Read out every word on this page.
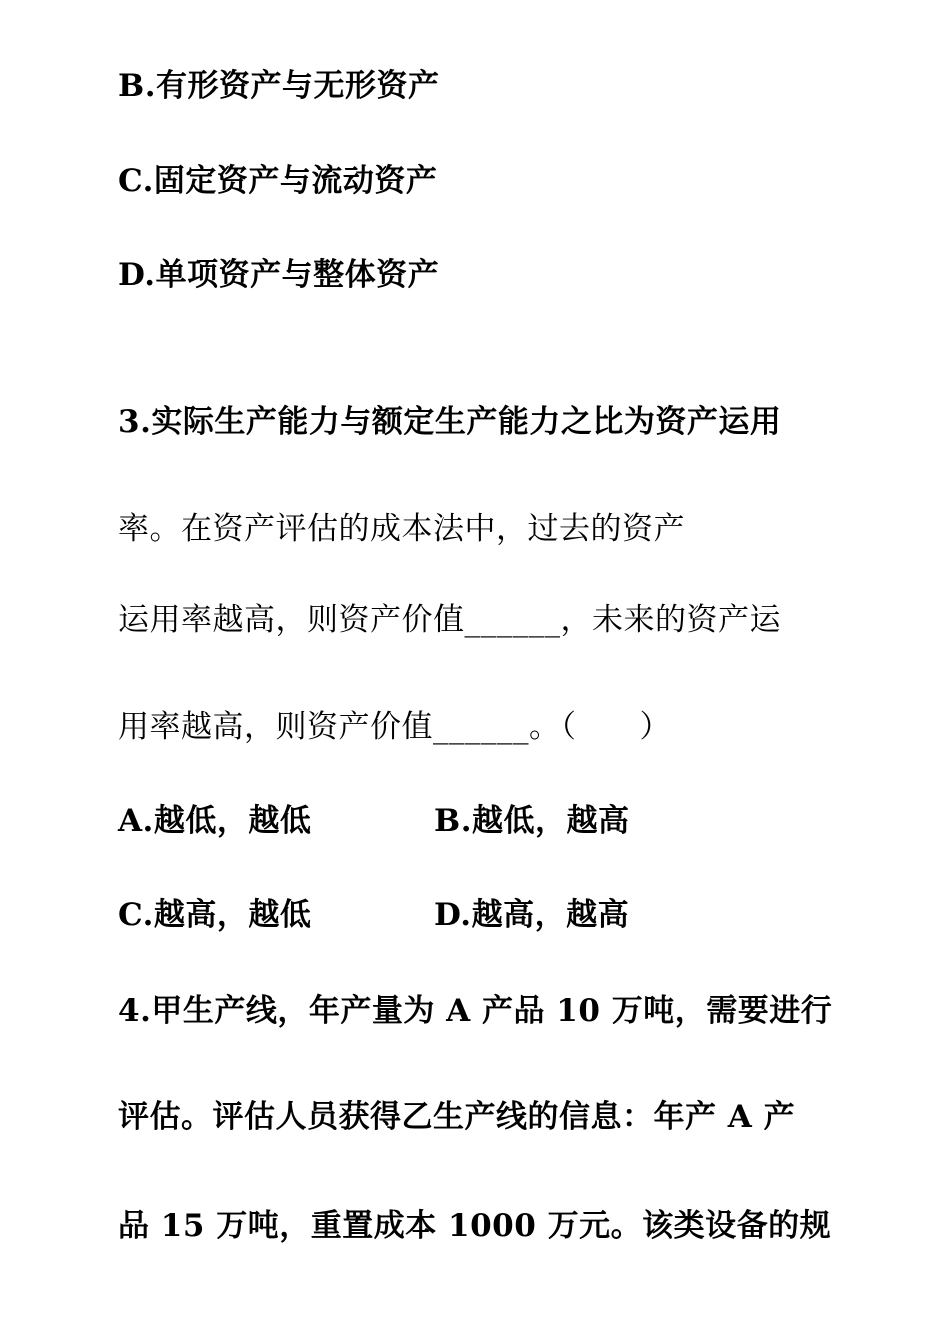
B.有形资产与无形资产
C.固定资产与流动资产
D.单项资产与整体资产
3.实际生产能力与额定生产能力之比为资产运用
率。在资产评估的成本法中，过去的资产
运用率越高，则资产价值______，未来的资产运
用率越高，则资产价值______。（　　）
A.越低，越低	B.越低，越高
C.越高，越低	D.越高，越高
4.甲生产线，年产量为 A 产品 10 万吨，需要进行
评估。评估人员获得乙生产线的信息：年产 A 产
品 15 万吨，重置成本 1000 万元。该类设备的规
